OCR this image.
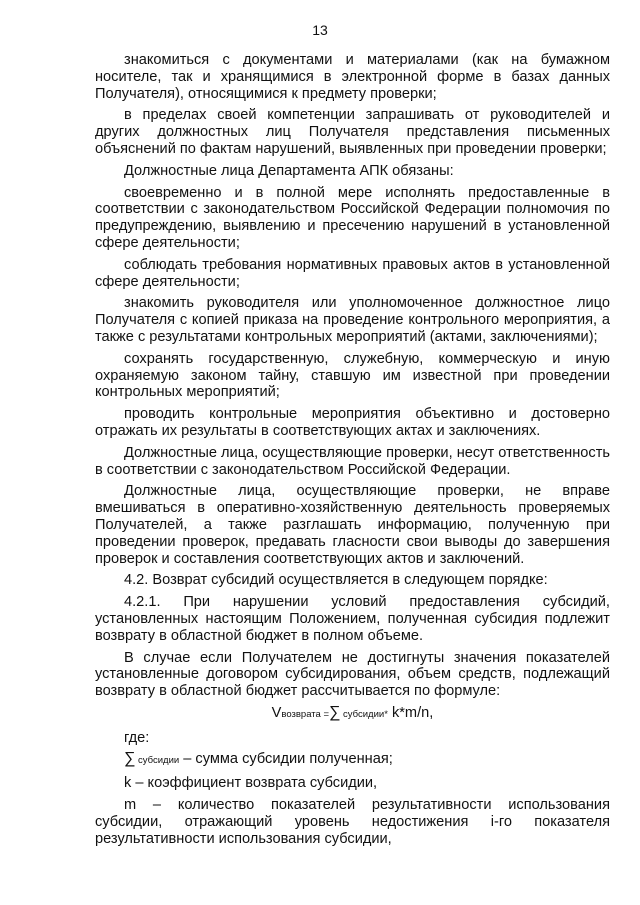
13

знакомиться с документами и материалами (как на бумажном носителе, так и хранящимися в электронной форме в базах данных Получателя), относящимися к предмету проверки;

в пределах своей компетенции запрашивать от руководителей и других должностных лиц Получателя представления письменных объяснений по фактам нарушений, выявленных при проведении проверки;

Должностные лица Департамента АПК обязаны:

своевременно и в полной мере исполнять предоставленные в соответствии с законодательством Российской Федерации полномочия по предупреждению, выявлению и пресечению нарушений в установленной сфере деятельности;

соблюдать требования нормативных правовых актов в установленной сфере деятельности;

знакомить руководителя или уполномоченное должностное лицо Получателя с копией приказа на проведение контрольного мероприятия, а также с результатами контрольных мероприятий (актами, заключениями);

сохранять государственную, служебную, коммерческую и иную охраняемую законом тайну, ставшую им известной при проведении контрольных мероприятий;

проводить контрольные мероприятия объективно и достоверно отражать их результаты в соответствующих актах и заключениях.

Должностные лица, осуществляющие проверки, несут ответственность в соответствии с законодательством Российской Федерации.

Должностные лица, осуществляющие проверки, не вправе вмешиваться в оперативно-хозяйственную деятельность проверяемых Получателей, а также разглашать информацию, полученную при проведении проверок, предавать гласности свои выводы до завершения проверок и составления соответствующих актов и заключений.

4.2. Возврат субсидий осуществляется в следующем порядке:

4.2.1. При нарушении условий предоставления субсидий, установленных настоящим Положением, полученная субсидия подлежит возврату в областной бюджет в полном объеме.

В случае если Получателем не достигнуты значения показателей установленные договором субсидирования, объем средств, подлежащий возврату в областной бюджет рассчитывается по формуле:

Vвозврата =∑ субсидии* k*m/n,

где:

∑ субсидии – сумма субсидии полученная;

k – коэффициент возврата субсидии,

m – количество показателей результативности использования субсидии, отражающий уровень недостижения i-го показателя результативности использования субсидии,
